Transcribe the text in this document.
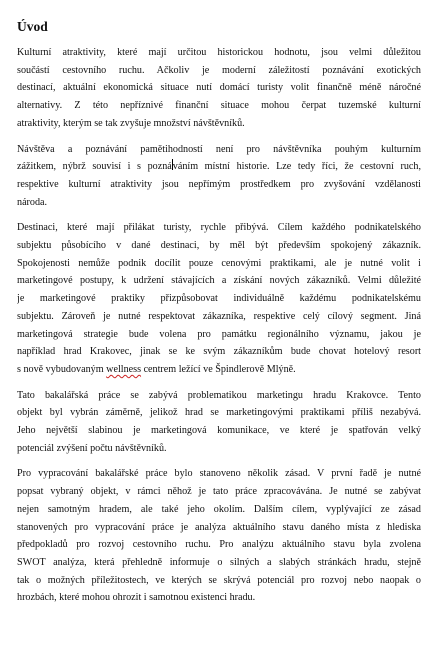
Úvod
Kulturní atraktivity, které mají určitou historickou hodnotu, jsou velmi důležitou
součástí cestovního ruchu. Ačkoliv je moderní záležitostí poznávání exotických
destinací, aktuální ekonomická situace nutí domácí turisty volit finančně méně náročné
alternativy. Z této nepříznivé finanční situace mohou čerpat tuzemské kulturní
atraktivity, kterým se tak zvyšuje množství návštěvníků.
Návštěva a poznávání pamětihodností není pro návštěvníka pouhým kulturním
zážitkem, nýbrž souvisí i s poznáváním místní historie. Lze tedy říci, že cestovní ruch,
respektive kulturní atraktivity jsou nepřímým prostředkem pro zvyšování vzdělanosti
národa.
Destinaci, které mají přilákat turisty, rychle přibývá. Cílem každého podnikatelského
subjektu působícího v dané destinaci, by měl být především spokojený zákazník.
Spokojenosti nemůže podnik docílit pouze cenovými praktikami, ale je nutné volit i
marketingové postupy, k udržení stávajících a získání nových zákazníků. Velmi důležité
je marketingové praktiky přizpůsobovat individuálně každému podnikatelskému
subjektu. Zároveň je nutné respektovat zákazníka, respektive celý cílový segment. Jiná
marketingová strategie bude volena pro památku regionálního významu, jakou je
například hrad Krakovec, jinak se ke svým zákazníkům bude chovat hotelový resort
s nově vybudovaným wellness centrem ležící ve Špindlerově Mlýně.
Tato bakalářská práce se zabývá problematikou marketingu hradu Krakovce. Tento
objekt byl vybrán záměrně, jelikož hrad se marketingovými praktikami příliš nezabývá.
Jeho největší slabinou je marketingová komunikace, ve které je spatřován velký
potenciál zvýšení počtu návštěvníků.
Pro vypracování bakalářské práce bylo stanoveno několik zásad. V první řadě je nutné
popsat vybraný objekt, v rámci něhož je tato práce zpracovávána. Je nutné se zabývat
nejen samotným hradem, ale také jeho okolím. Dalším cílem, vyplývající ze zásad
stanovených pro vypracování práce je analýza aktuálního stavu daného místa z hlediska
předpokladů pro rozvoj cestovního ruchu. Pro analýzu aktuálního stavu byla zvolena
SWOT analýza, která přehledně informuje o silných a slabých stránkách hradu, stejně
tak o možných příležitostech, ve kterých se skrývá potenciál pro rozvoj nebo naopak o
hrozbách, které mohou ohrozit i samotnou existenci hradu.
